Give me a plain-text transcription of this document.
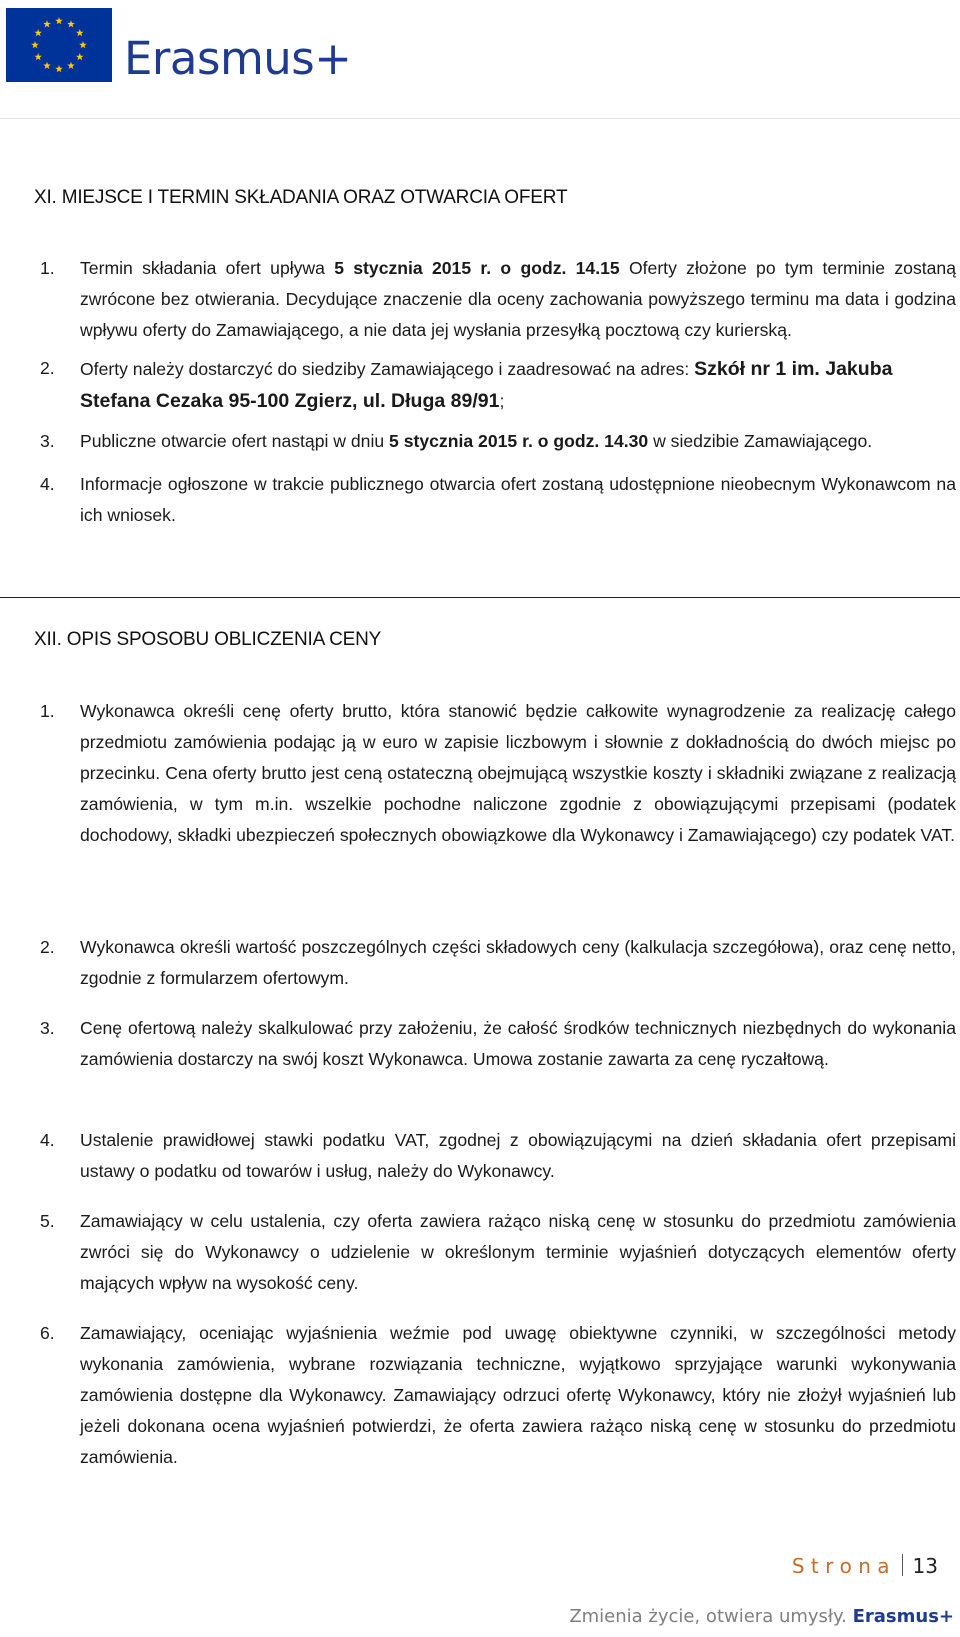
Erasmus+
XI. MIEJSCE I TERMIN SKŁADANIA ORAZ OTWARCIA OFERT
1.	Termin składania ofert upływa 5 stycznia 2015 r. o godz. 14.15 Oferty złożone po tym terminie zostaną zwrócone bez otwierania. Decydujące znaczenie dla oceny zachowania powyższego terminu ma data i godzina wpływu oferty do Zamawiającego, a nie data jej wysłania przesyłką pocztową czy kurierską.
2.	Oferty należy dostarczyć do siedziby Zamawiającego i zaadresować na adres: Szkół nr 1 im. Jakuba Stefana Cezaka 95-100 Zgierz, ul. Długa 89/91;
3.	Publiczne otwarcie ofert nastąpi w dniu 5 stycznia 2015 r. o godz. 14.30 w siedzibie Zamawiającego.
4.	Informacje ogłoszone w trakcie publicznego otwarcia ofert zostaną udostępnione nieobecnym Wykonawcom na ich wniosek.
XII. OPIS SPOSOBU OBLICZENIA CENY
1.	Wykonawca określi cenę oferty brutto, która stanowić będzie całkowite wynagrodzenie za realizację całego przedmiotu zamówienia podając ją w euro w zapisie liczbowym i słownie z dokładnością do dwóch miejsc po przecinku. Cena oferty brutto jest ceną ostateczną obejmującą wszystkie koszty i składniki związane z realizacją zamówienia, w tym m.in. wszelkie pochodne naliczone zgodnie z obowiązującymi przepisami (podatek dochodowy, składki ubezpieczeń społecznych obowiązkowe dla Wykonawcy i Zamawiającego) czy podatek VAT.
2.	Wykonawca określi wartość poszczególnych części składowych ceny (kalkulacja szczegółowa), oraz cenę netto, zgodnie z formularzem ofertowym.
3.	Cenę ofertową należy skalkulować przy założeniu, że całość środków technicznych niezbędnych do wykonania zamówienia dostarczy na swój koszt Wykonawca. Umowa zostanie zawarta za cenę ryczałtową.
4.	Ustalenie prawidłowej stawki podatku VAT, zgodnej z obowiązującymi na dzień składania ofert przepisami ustawy o podatku od towarów i usług, należy do Wykonawcy.
5.	Zamawiający w celu ustalenia, czy oferta zawiera rażąco niską cenę w stosunku do przedmiotu zamówienia zwróci się do Wykonawcy o udzielenie w określonym terminie wyjaśnień dotyczących elementów oferty mających wpływ na wysokość ceny.
6.	Zamawiający, oceniając wyjaśnienia weźmie pod uwagę obiektywne czynniki, w szczególności metody wykonania zamówienia, wybrane rozwiązania techniczne, wyjątkowo sprzyjające warunki wykonywania zamówienia dostępne dla Wykonawcy. Zamawiający odrzuci ofertę Wykonawcy, który nie złożył wyjaśnień lub jeżeli dokonana ocena wyjaśnień potwierdzi, że oferta zawiera rażąco niską cenę w stosunku do przedmiotu zamówienia.
S t r o n a 13
Zmienia życie, otwiera umysły. Erasmus+
